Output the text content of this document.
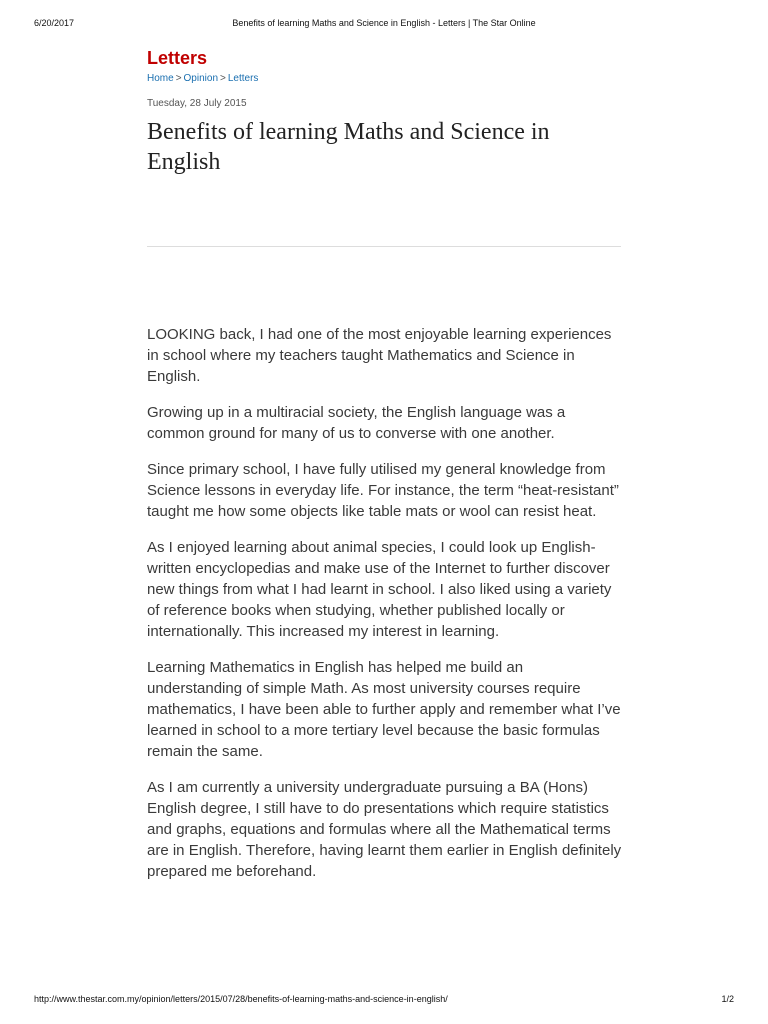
6/20/2017	Benefits of learning Maths and Science in English - Letters | The Star Online
Letters
Home > Opinion > Letters
Tuesday, 28 July 2015
Benefits of learning Maths and Science in English

LOOKING back, I had one of the most enjoyable learning experiences in school where my teachers taught Mathematics and Science in English.

Growing up in a multiracial society, the English language was a common ground for many of us to converse with one another.

Since primary school, I have fully utilised my general knowledge from Science lessons in everyday life. For instance, the term “heat-resistant” taught me how some objects like table mats or wool can resist heat.

As I enjoyed learning about animal species, I could look up English-written encyclopedias and make use of the Internet to further discover new things from what I had learnt in school. I also liked using a variety of reference books when studying, whether published locally or internationally. This increased my interest in learning.

Learning Mathematics in English has helped me build an understanding of simple Math. As most university courses require mathematics, I have been able to further apply and remember what I’ve learned in school to a more tertiary level because the basic formulas remain the same.

As I am currently a university undergraduate pursuing a BA (Hons) English degree, I still have to do presentations which require statistics and graphs, equations and formulas where all the Mathematical terms are in English. Therefore, having learnt them earlier in English definitely prepared me beforehand.

http://www.thestar.com.my/opinion/letters/2015/07/28/benefits-of-learning-maths-and-science-in-english/	1/2
